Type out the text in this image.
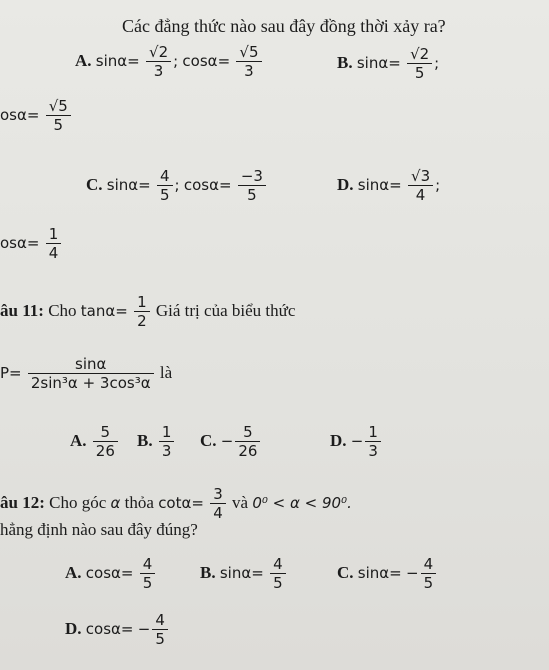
Các đẳng thức nào sau đây đồng thời xảy ra?
A. $\sin\alpha= \frac{√2}{3}$ ; $\cos\alpha= \frac{√5}{3}$	B. $\sin\alpha= \frac{√2}{5}$ ;
$os\alpha= \frac{√5}{5}$
C. $\sin\alpha= \frac{4}{5}$ ; $\cos\alpha= \frac{-3}{5}$	D. $\sin\alpha= \frac{√3}{4}$ ;
$os\alpha= \frac{1}{4}$
âu 11: Cho $\tan\alpha= \frac{1}{2}$ Giá trị của biểu thức
$P= \frac{\sin\alpha}{\text{2sin³α + 3cos³α}}$ là
A. $\frac{5}{26} B$. $\frac{1}{3} C$. − $\frac{5}{26}$	D. − $\frac{1}{3}$
âu 12: Cho góc α thỏa $\cot\alpha= \frac{3}{4}$ và 0⁰ < α < 90⁰.
hẳng định nào sau đây đúng?
A. $\cos\alpha= \frac{4}{5}$	B. $\sin\alpha= \frac{4}{5}$	C. $\sin\alpha= - \frac{4}{5}$
D. $\cos\alpha= - \frac{4}{5}$
